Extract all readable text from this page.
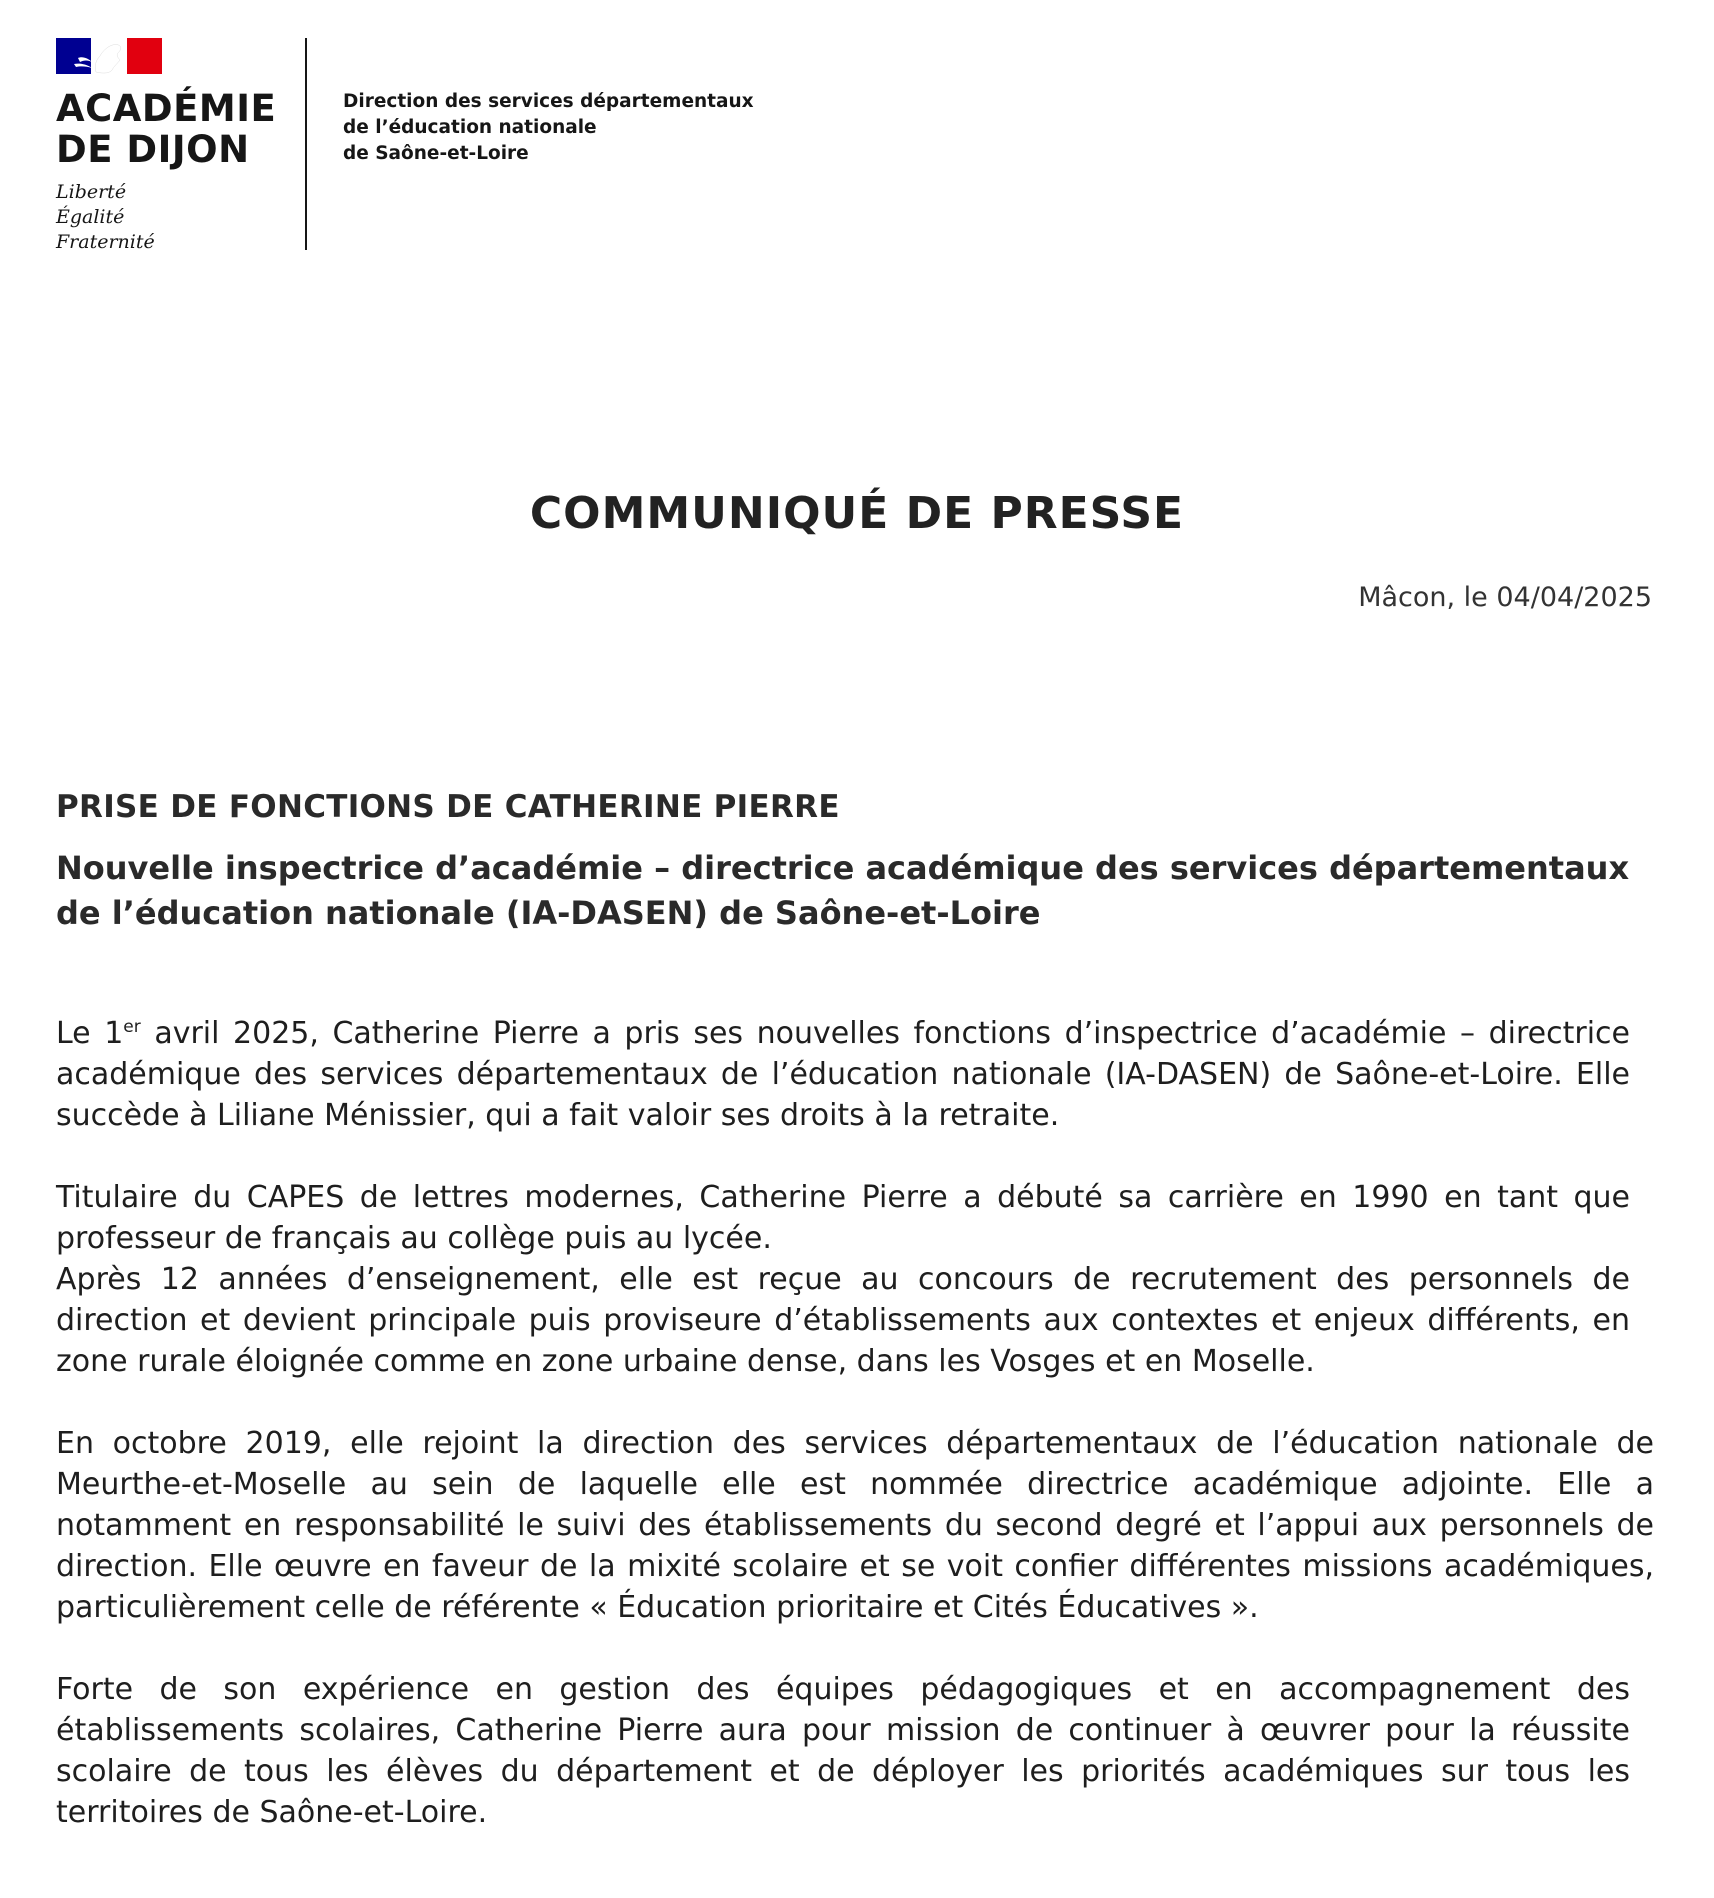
ACADÉMIE
DE DIJON
Liberté
Égalité
Fraternité
Direction des services départementaux
de l’éducation nationale
de Saône-et-Loire
COMMUNIQUÉ DE PRESSE
Mâcon, le 04/04/2025
PRISE DE FONCTIONS DE CATHERINE PIERRE
Nouvelle inspectrice d’académie – directrice académique des services départementaux
de l’éducation nationale (IA-DASEN) de Saône-et-Loire

Le 1er avril 2025, Catherine Pierre a pris ses nouvelles fonctions d’inspectrice d’académie – directrice académique des services départementaux de l’éducation nationale (IA-DASEN) de Saône-et-Loire. Elle succède à Liliane Ménissier, qui a fait valoir ses droits à la retraite.

Titulaire du CAPES de lettres modernes, Catherine Pierre a débuté sa carrière en 1990 en tant que professeur de français au collège puis au lycée.

Après 12 années d’enseignement, elle est reçue au concours de recrutement des personnels de direction et devient principale puis proviseure d’établissements aux contextes et enjeux différents, en zone rurale éloignée comme en zone urbaine dense, dans les Vosges et en Moselle.

En octobre 2019, elle rejoint la direction des services départementaux de l’éducation nationale de Meurthe-et-Moselle au sein de laquelle elle est nommée directrice académique adjointe. Elle a notamment en responsabilité le suivi des établissements du second degré et l’appui aux personnels de direction. Elle œuvre en faveur de la mixité scolaire et se voit confier différentes missions académiques, particulièrement celle de référente « Éducation prioritaire et Cités Éducatives ».

Forte de son expérience en gestion des équipes pédagogiques et en accompagnement des établissements scolaires, Catherine Pierre aura pour mission de continuer à œuvrer pour la réussite scolaire de tous les élèves du département et de déployer les priorités académiques sur tous les territoires de Saône-et-Loire.
